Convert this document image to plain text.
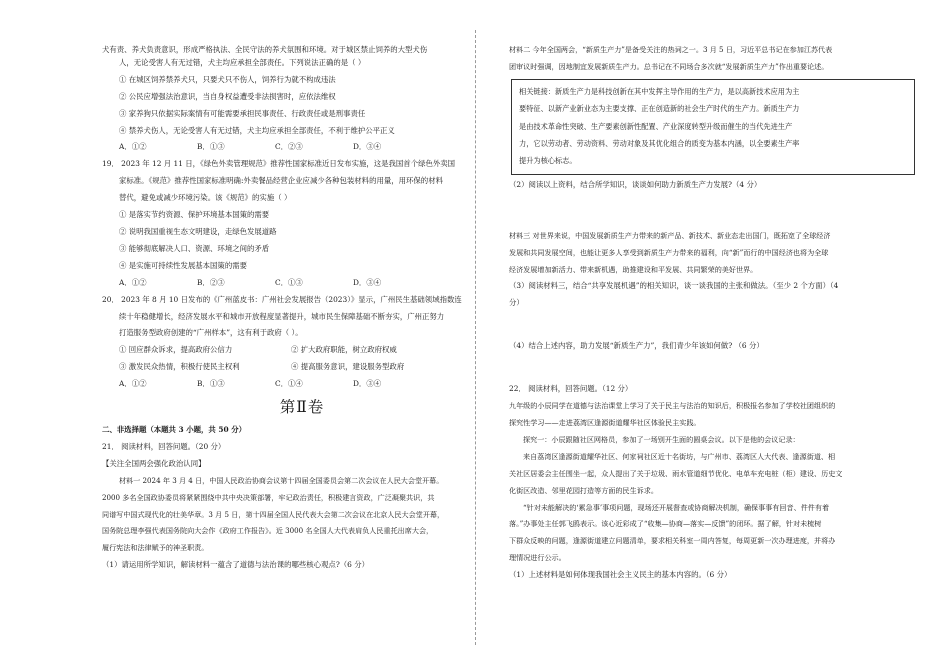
犬有责、养犬负责意识，形成严格执法、全民守法的养犬氛围和环境。对于城区禁止饲养的大型犬伤

人，无论受害人有无过错，犬主均应承担全部责任。下列说法正确的是（ ）

① 在城区饲养禁养犬只，只要犬只不伤人，饲养行为就不构成违法

② 公民应增强法治意识，当自身权益遭受非法损害时，应依法维权

③ 家养狗只依据实际案情有可能需要承担民事责任、行政责任或是刑事责任

④ 禁养犬伤人，无论受害人有无过错，犬主均应承担全部责任，不利于维护公平正义

A．①②	B．①③	C．②③	D．③④

19． 2023 年 12 月 11 日，《绿色外卖管理规范》推荐性国家标准近日发布实施，这是我国首个绿色外卖国

家标准。《规范》推荐性国家标准明确:外卖餐品经营企业应减少各种包装材料的用量，用环保的材料

替代，避免或减少环境污染。该《规范》的实施（ ）

① 是落实节约资源、保护环境基本国策的需要

② 说明我国重视生态文明建设，走绿色发展道路

③ 能够彻底解决人口、资源、环境之间的矛盾

④ 是实施可持续性发展基本国策的需要

A．①②	B．②③	C．①③	D．③④

20． 2023 年 8 月 10 日发布的《广州蓝皮书：广州社会发展报告（2023）》显示，广州民生基础领域指数连

续十年稳健增长，经济发展水平和城市开放程度显著提升，城市民生保障基础不断夯实，广州正努力

打造服务型政府创建的“广州样本”，这有利于政府（ ）。

① 回应群众诉求，提高政府公信力	② 扩大政府职能，树立政府权威
③ 激发民众热情，积极行使民主权利	④ 提高服务意识，建设服务型政府
A．①②	B．①③	C．①④	D．③④
第Ⅱ卷

二、非选择题（本题共 3 小题，共 50 分）

21． 阅读材料，回答问题。（20 分）

【关注全国两会强化政治认同】

材料一 2024 年 3 月 4 日，中国人民政治协商会议第十四届全国委员会第二次会议在人民大会堂开幕。

2000 多名全国政协委员将紧紧围绕中共中央决策部署，牢记政治责任，积极建言资政，广泛凝聚共识，共

同谱写中国式现代化的壮美华章。3 月 5 日，第十四届全国人民代表大会第二次会议在北京人民大会堂开幕，

国务院总理李强代表国务院向大会作《政府工作报告》。近 3000 名全国人大代表肩负人民重托出席大会，

履行宪法和法律赋予的神圣职责。

（1）请运用所学知识，解读材料一蕴含了道德与法治课的哪些核心观点?（6 分）

材料二 今年全国两会，“新质生产力”是备受关注的热词之一。3 月 5 日，习近平总书记在参加江苏代表

团审议时强调，因地制宜发展新质生产力。总书记在不同场合多次就“发展新质生产力”作出重要论述。

相关链接：新质生产力是科技创新在其中发挥主导作用的生产力，是以高新技术应用为主

要特征、以新产业新业态为主要支撑、正在创造新的社会生产时代的生产力。新质生产力

是由技术革命性突破、生产要素创新性配置、产业深度转型升级而催生的当代先进生产

力，它以劳动者、劳动资料、劳动对象及其优化组合的质变为基本内涵，以全要素生产率

提升为核心标志。

（2）阅读以上资料，结合所学知识，谈谈如何助力新质生产力发展?（4 分）

材料三 对世界来说，中国发展新质生产力带来的新产品、新技术、新业态走出国门，既拓宽了全球经济

发展和共同发展空间，也能让更多人享受到新质生产力带来的福利，向“新”而行的中国经济也将为全球

经济发展增加新活力、带来新机遇，助推建设和平发展、共同繁荣的美好世界。

（3）阅读材料三，结合“共享发展机遇”的相关知识，谈一谈我国的主张和做法。（至少 2 个方面）（4

分）

（4）结合上述内容，助力发展“新质生产力”，我们青少年该如何做? （6 分）

22． 阅读材料，回答问题。（12 分）

九年级的小辰同学在道德与法治课堂上学习了关于民主与法治的知识后，积极报名参加了学校社团组织的

探究性学习——走进荔湾区逢源街道耀华社区体验民主实践。

探究一：小辰跟随社区网格员，参加了一场别开生面的圆桌会议。以下是他的会议记录：

来自荔湾区逢源街道耀华社区、何家祠社区近十名街坊，与广州市、荔湾区人大代表、逢源街道、相

关社区居委会主任围坐一起，众人提出了关于垃圾、雨水管道细节优化、电单车充电桩（柜）建设、历史文

化街区改造、邻里花园打造等方面的民生诉求。

“针对未能解决的‘累急事’事项问题，现场还开展督查或协商解决机制，确保事事有回音、件件有着

落。”办事处主任郭飞鸥表示。该心近彩成了“收集—协商—落实—反馈”的闭环。据了解，针对未梳树

下群众反映的问题，逢源街道建立问题清单，要求相关科室一周内答复，每周更新一次办理进度，并将办

理情况进行公示。

（1）上述材料是如何体现我国社会主义民主的基本内容的。（6 分）
